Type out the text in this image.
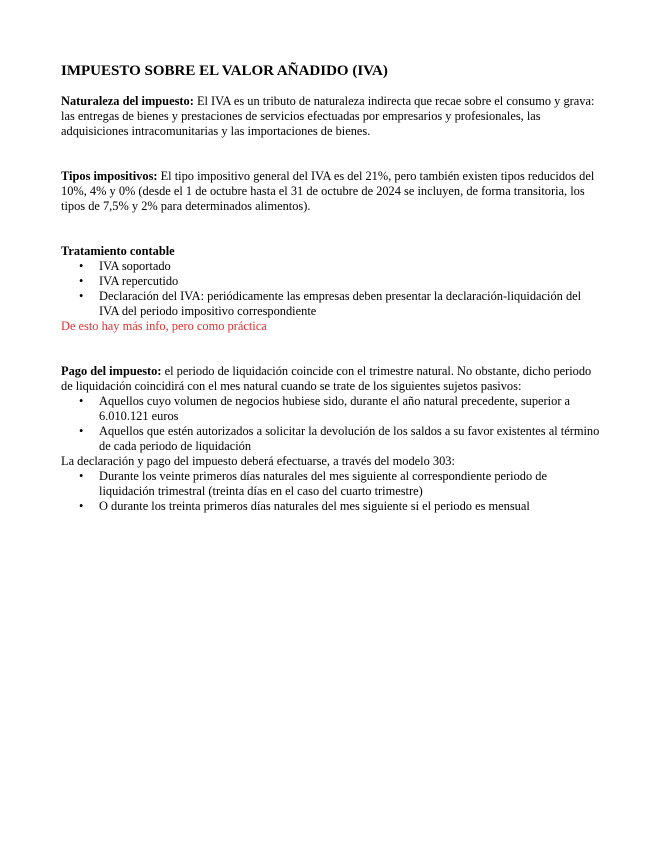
IMPUESTO SOBRE EL VALOR AÑADIDO (IVA)

Naturaleza del impuesto: El IVA es un tributo de naturaleza indirecta que recae sobre el consumo y grava: las entregas de bienes y prestaciones de servicios efectuadas por empresarios y profesionales, las adquisiciones intracomunitarias y las importaciones de bienes.

Tipos impositivos: El tipo impositivo general del IVA es del 21%, pero también existen tipos reducidos del 10%, 4% y 0% (desde el 1 de octubre hasta el 31 de octubre de 2024 se incluyen, de forma transitoria, los tipos de 7,5% y 2% para determinados alimentos).

Tratamiento contable

• IVA soportado
• IVA repercutido
• Declaración del IVA: periódicamente las empresas deben presentar la declaración-liquidación del IVA del periodo impositivo correspondiente

De esto hay más info, pero como práctica

Pago del impuesto: el periodo de liquidación coincide con el trimestre natural. No obstante, dicho periodo de liquidación coincidirá con el mes natural cuando se trate de los siguientes sujetos pasivos:

• Aquellos cuyo volumen de negocios hubiese sido, durante el año natural precedente, superior a 6.010.121 euros
• Aquellos que estén autorizados a solicitar la devolución de los saldos a su favor existentes al término de cada periodo de liquidación

La declaración y pago del impuesto deberá efectuarse, a través del modelo 303:

• Durante los veinte primeros días naturales del mes siguiente al correspondiente periodo de liquidación trimestral (treinta días en el caso del cuarto trimestre)
• O durante los treinta primeros días naturales del mes siguiente si el periodo es mensual
